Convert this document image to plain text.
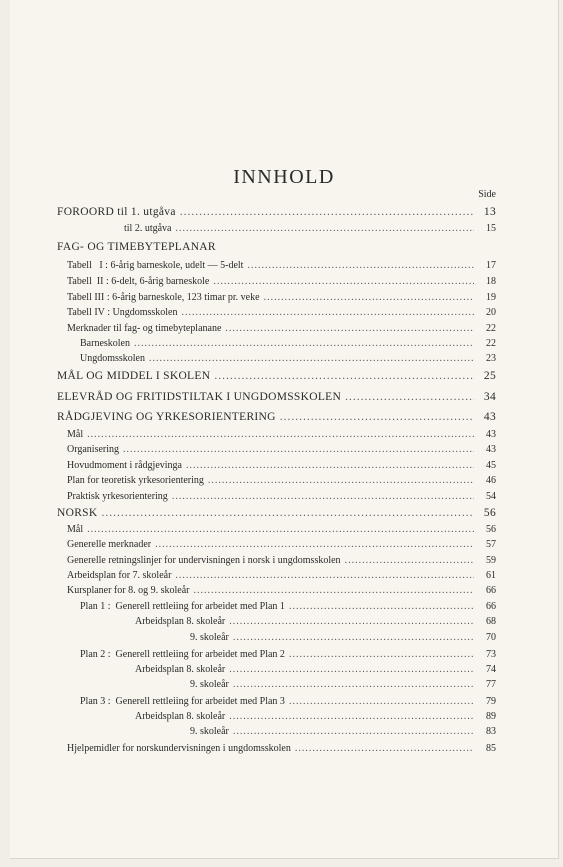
INNHOLD
Side
FOROORD til 1. utgåva .....	13
til 2. utgåva .....	15
FAG- OG TIMEBYTEPLANAR
Tabell   I : 6-årig barneskole, udelt — 5-delt .....	17
Tabell  II : 6-delt, 6-årig barneskole .....	18
Tabell III : 6-årig barneskole, 123 timar pr. veke .....	19
Tabell IV : Ungdomsskolen .....	20
Merknader til fag- og timebyteplanane .....	22
Barneskolen .....	22
Ungdomsskolen .....	23
MÅL OG MIDDEL I SKOLEN .....	25
ELEVRÅD OG FRITIDSTILTAK I UNGDOMSSKOLEN .....	34
RÅDGJEVING OG YRKESORIENTERING .....	43
Mål .....	43
Organisering .....	43
Hovudmoment i rådgjevinga .....	45
Plan for teoretisk yrkesorientering .....	46
Praktisk yrkesorientering .....	54
NORSK .....	56
Mål .....	56
Generelle merknader .....	57
Generelle retningslinjer for undervisningen i norsk i ungdomsskolen .....	59
Arbeidsplan for 7. skoleår .....	61
Kursplaner for 8. og 9. skoleår .....	66
Plan 1 :  Generell rettleiing for arbeidet med Plan 1 .....	66
Arbeidsplan 8. skoleår .....	68
9. skoleår .....	70
Plan 2 :  Generell rettleiing for arbeidet med Plan 2 .....	73
Arbeidsplan 8. skoleår .....	74
9. skoleår .....	77
Plan 3 :  Generell rettleiing for arbeidet med Plan 3 .....	79
Arbeidsplan 8. skoleår .....	89
9. skoleår .....	83
Hjelpemidler for norskundervisningen i ungdomsskolen .....	85
